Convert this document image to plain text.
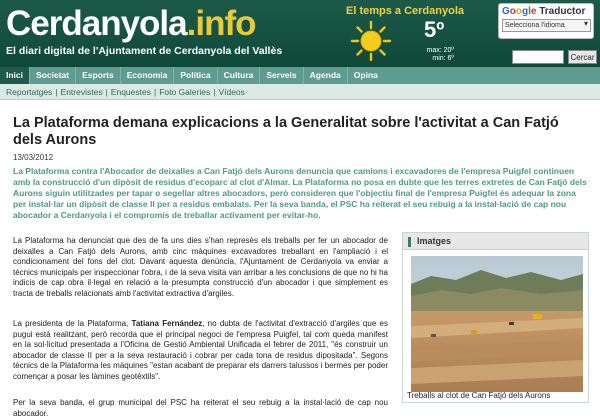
Cerdanyola.info
El diari digital de l'Ajuntament de Cerdanyola del Vallès
El temps a Cerdanyola
5º
max: 20º
min: 6º
Google Traductor
Selecciona l'idioma ▾
Cercar
Inici	Societat	Esports	Economia	Política	Cultura	Serveis	Agenda	Opina
Reportatges | Entrevistes | Enquestes | Foto Galeries | Vídeos
La Plataforma demana explicacions a la Generalitat sobre l'activitat a Can Fatjó dels Aurons
13/03/2012
La Plataforma contra l'Abocador de deixalles a Can Fatjó dels Aurons denuncia que camions i excavadores de l'empresa Puigfel continuen amb la construcció d'un dipòsit de residus d'ecoparc al clot d'Almar. La Plataforma no posa en dubte que les terres extretes de Can Fatjó dels Aurons siguin utilitzades per tapar o segellar altres abocadors, però consideren que l'objectiu final de l'empresa Puigfel és adequar la zona per instal·lar un dipòsit de classe II per a residus embalats. Per la seva banda, el PSC ha reiterat el seu rebuig a la instal·lació de cap nou abocador a Cerdanyola i el compromís de treballar activament per evitar-ho.

La Plataforma ha denunciat que des de fa uns dies s'han represès els treballs per fer un abocador de deixalles a Can Fatjó dels Aurons, amb cinc màquines excavadores treballant en l'ampliació i el condicionament del fons del clot. Davant aquesta denúncia, l'Ajuntament de Cerdanyola va enviar a tècnics municipals per inspeccionar l'obra, i de la seva visita van arribar a les conclusions de que no hi ha indicis de cap obra il·legal en relació a la presumpta construcció d'un abocador i que simplement es tracta de treballs relacionats amb l'activitat extractiva d'argiles.

La presidenta de la Plataforma, Tatiana Fernández, no dubta de l'activitat d'extracció d'argiles que es pugui està realitzant, però recorda que el principal negoci de l'empresa Puigfel, tal com queda manifest en la sol·licitud presentada a l'Oficina de Gestió Ambiental Unificada el febrer de 2011, "és construir un abocador de classe II per a la seva restauració i cobrar per cada tona de residus dipositada". Segons tècnics de la Plataforma les màquines "estan acabant de preparar els darrers talussos i bermes per poder començar a posar les làmines geotèxtils".

Per la seva banda, el grup municipal del PSC ha reiterat el seu rebuig a la instal·lació de cap nou abocador.

Imatges
Treballs al clot de Can Fatjó dels Aurons
